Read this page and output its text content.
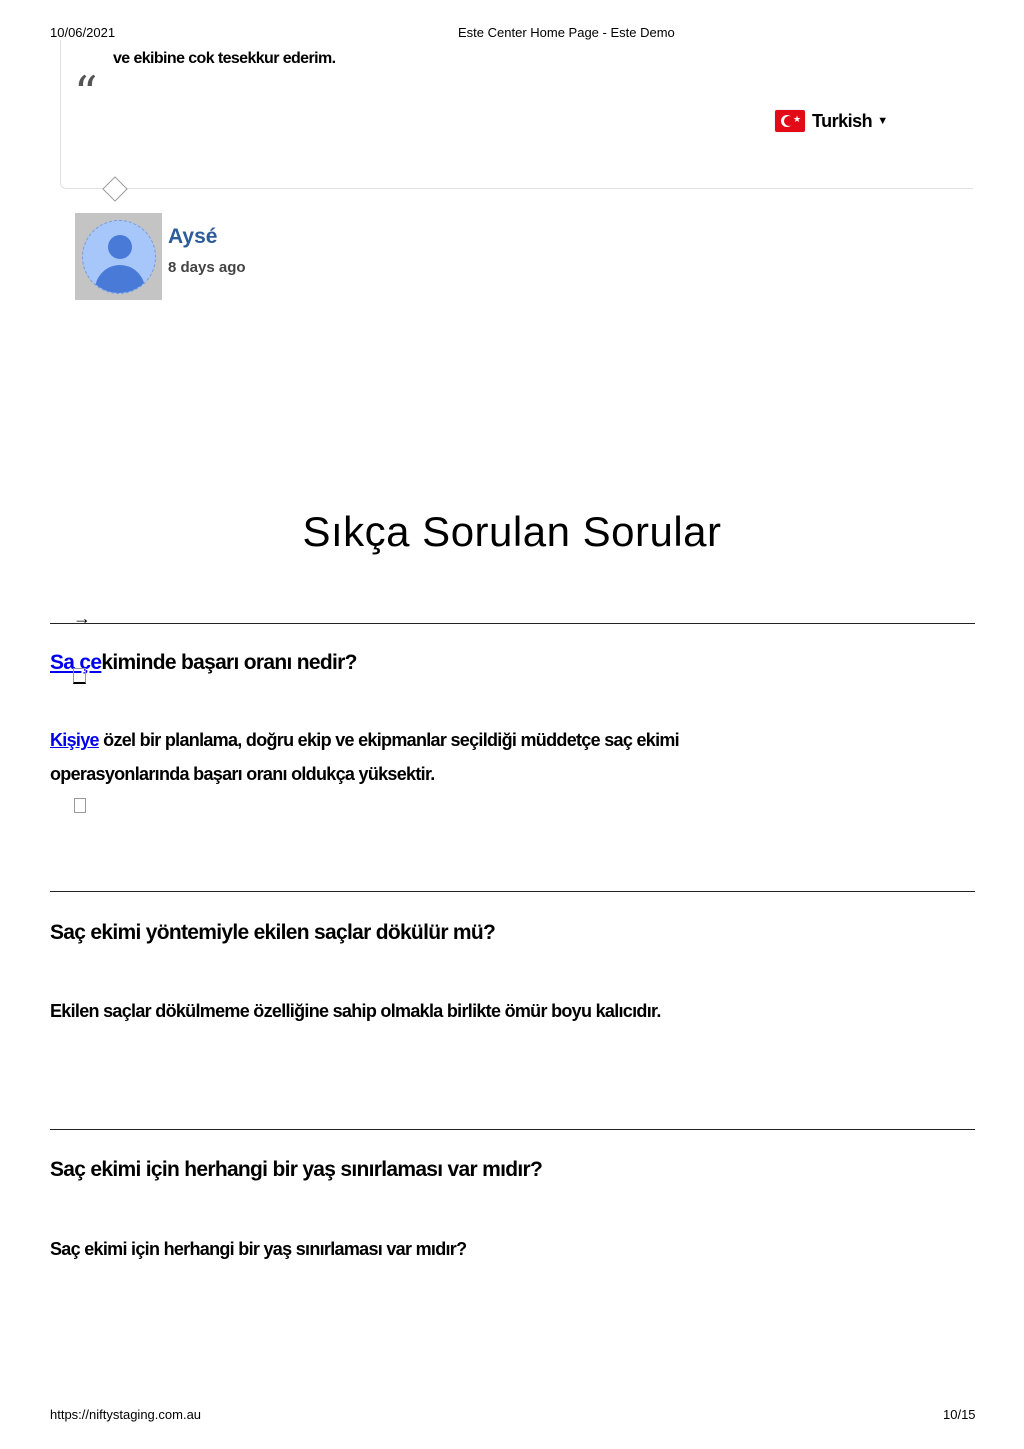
10/06/2021	Este Center Home Page - Este Demo
ve ekibine cok tesekkur ederim.
“	★ Turkish ▼
Aysé
8 days ago
Sıkça Sorulan Sorular
→
Sa çekiminde başarı oranı nedir?
Kişiye özel bir planlama, doğru ekip ve ekipmanlar seçildiği müddetçe saç ekimi
operasyonlarında başarı oranı oldukça yüksektir.
Saç ekimi yöntemiyle ekilen saçlar dökülür mü?
Ekilen saçlar dökülmeme özelliğine sahip olmakla birlikte ömür boyu kalıcıdır.
Saç ekimi için herhangi bir yaş sınırlaması var mıdır?
Saç ekimi için herhangi bir yaş sınırlaması var mıdır?
https://niftystaging.com.au	10/15
